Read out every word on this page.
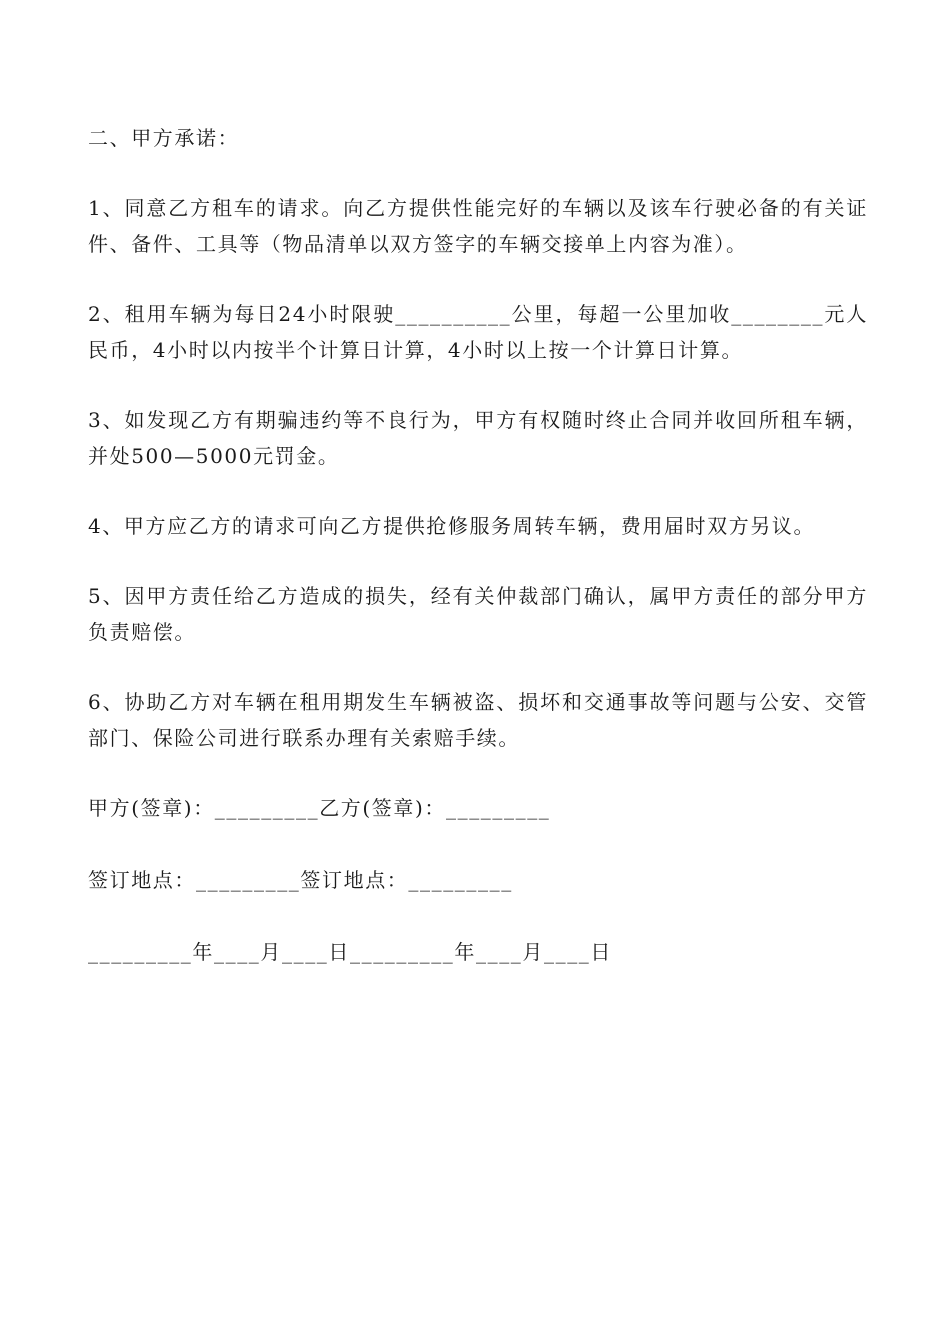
二、甲方承诺：

1、同意乙方租车的请求。向乙方提供性能完好的车辆以及该车行驶必备的有关证件、备件、工具等（物品清单以双方签字的车辆交接单上内容为准）。

2、租用车辆为每日24小时限驶__________公里，每超一公里加收________元人民币，4小时以内按半个计算日计算，4小时以上按一个计算日计算。

3、如发现乙方有期骗违约等不良行为，甲方有权随时终止合同并收回所租车辆，并处500—5000元罚金。

4、甲方应乙方的请求可向乙方提供抢修服务周转车辆，费用届时双方另议。

5、因甲方责任给乙方造成的损失，经有关仲裁部门确认，属甲方责任的部分甲方负责赔偿。

6、协助乙方对车辆在租用期发生车辆被盗、损坏和交通事故等问题与公安、交管部门、保险公司进行联系办理有关索赔手续。

甲方(签章)：_________乙方(签章)：_________

签订地点：_________签订地点：_________

_________年____月____日_________年____月____日
